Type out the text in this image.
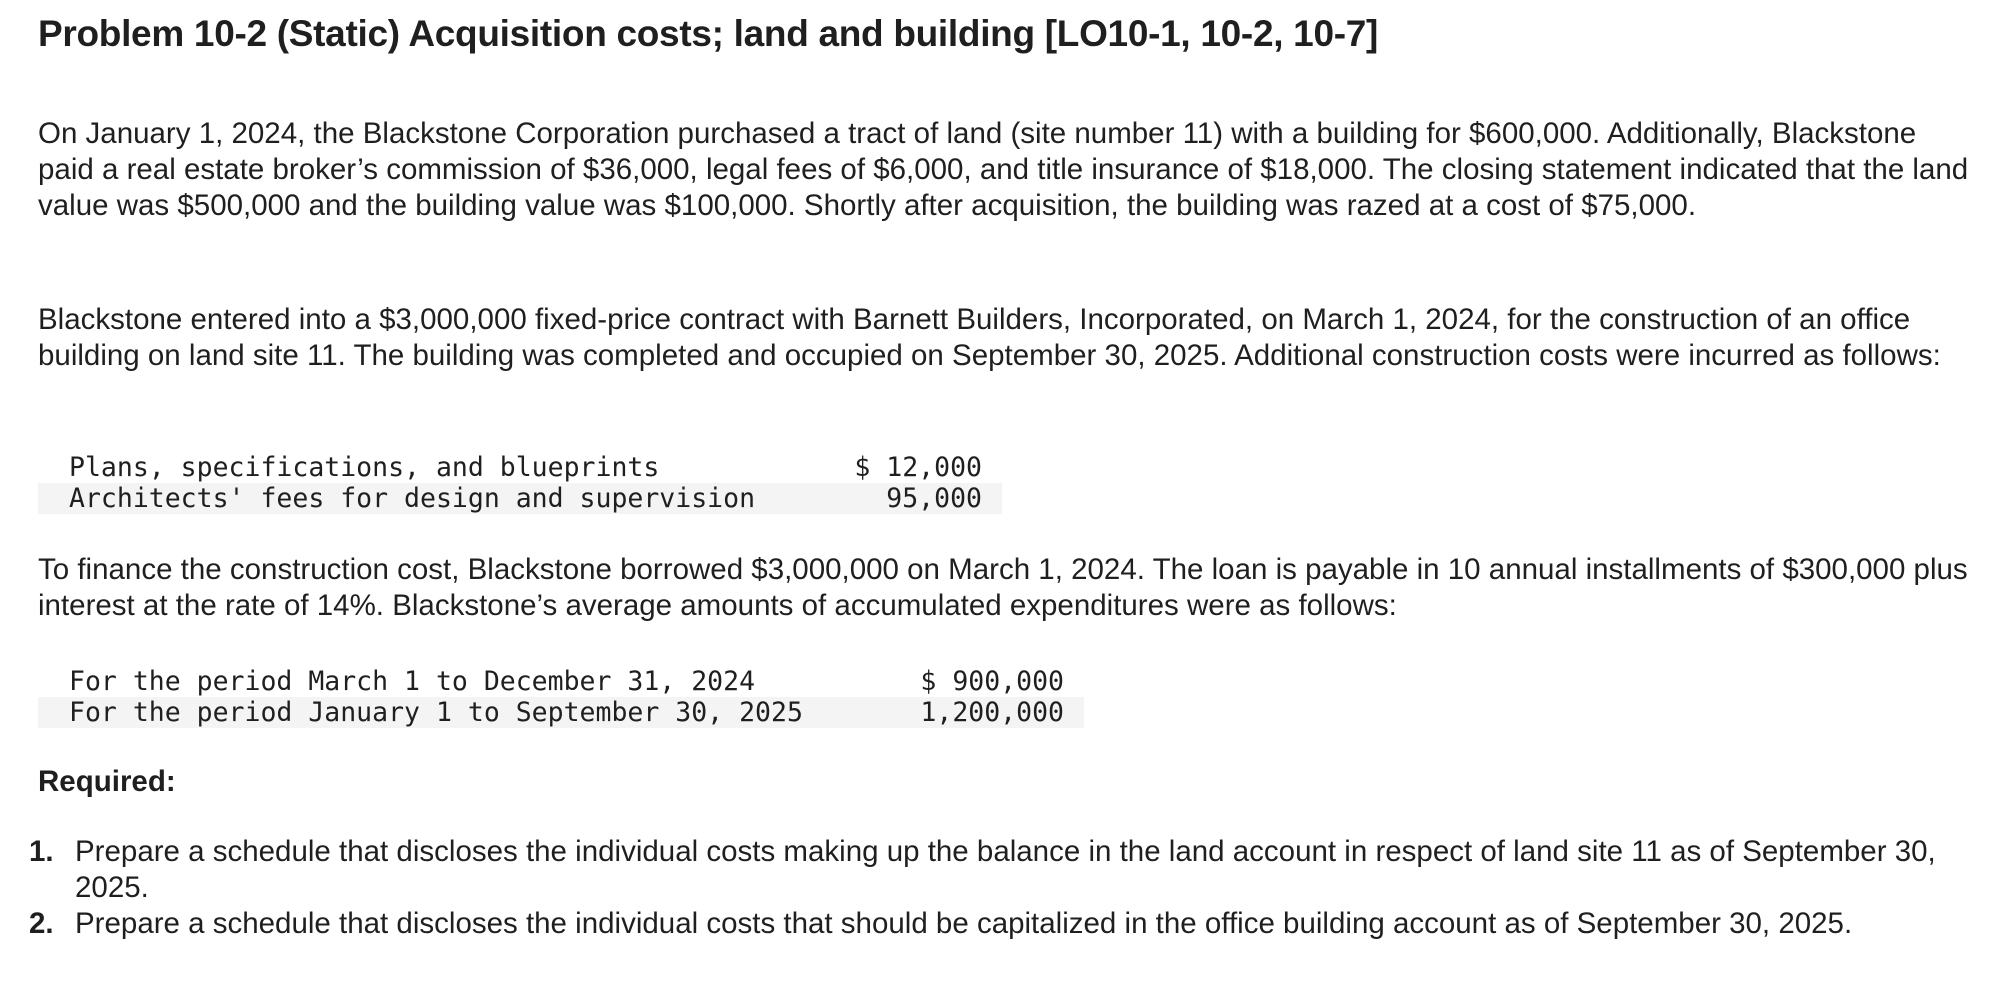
Problem 10-2 (Static) Acquisition costs; land and building [LO10-1, 10-2, 10-7]

On January 1, 2024, the Blackstone Corporation purchased a tract of land (site number 11) with a building for $600,000. Additionally, Blackstone paid a real estate broker’s commission of $36,000, legal fees of $6,000, and title insurance of $18,000. The closing statement indicated that the land value was $500,000 and the building value was $100,000. Shortly after acquisition, the building was razed at a cost of $75,000.

Blackstone entered into a $3,000,000 fixed-price contract with Barnett Builders, Incorporated, on March 1, 2024, for the construction of an office building on land site 11. The building was completed and occupied on September 30, 2025. Additional construction costs were incurred as follows:

Plans, specifications, and blueprints	$ 12,000
Architects' fees for design and supervision	95,000

To finance the construction cost, Blackstone borrowed $3,000,000 on March 1, 2024. The loan is payable in 10 annual installments of $300,000 plus interest at the rate of 14%. Blackstone’s average amounts of accumulated expenditures were as follows:

For the period March 1 to December 31, 2024	$ 900,000
For the period January 1 to September 30, 2025	1,200,000

Required:

1. Prepare a schedule that discloses the individual costs making up the balance in the land account in respect of land site 11 as of September 30, 2025.
2. Prepare a schedule that discloses the individual costs that should be capitalized in the office building account as of September 30, 2025.
